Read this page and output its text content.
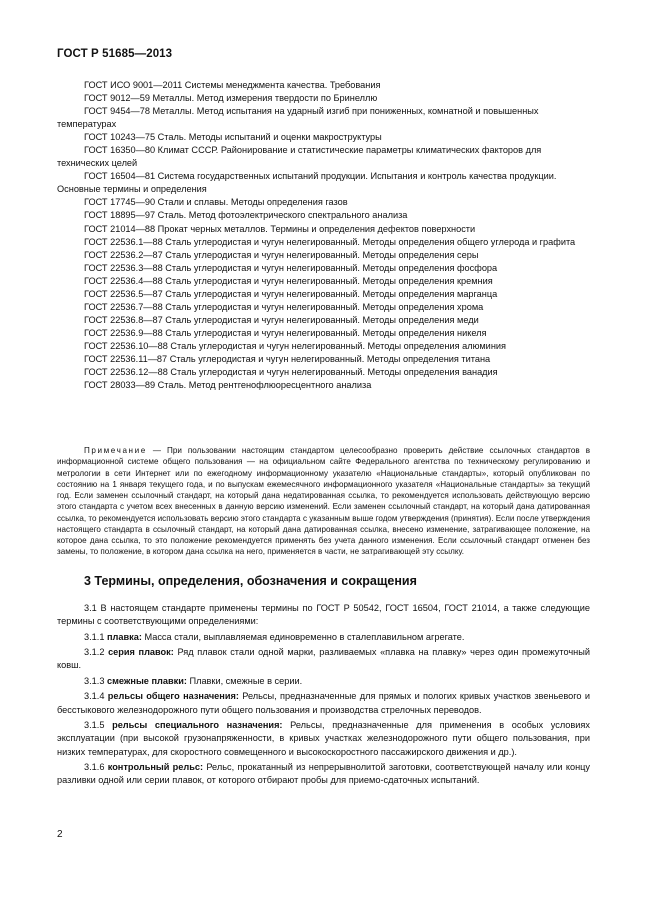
ГОСТ Р 51685—2013

ГОСТ ИСО 9001—2011 Системы менеджмента качества. Требования

ГОСТ 9012—59 Металлы. Метод измерения твердости по Бринеллю

ГОСТ 9454—78 Металлы. Метод испытания на ударный изгиб при пониженных, комнатной и повышенных температурах

ГОСТ 10243—75 Сталь. Методы испытаний и оценки макроструктуры

ГОСТ 16350—80 Климат СССР. Районирование и статистические параметры климатических факторов для технических целей

ГОСТ 16504—81 Система государственных испытаний продукции. Испытания и контроль качества продукции. Основные термины и определения

ГОСТ 17745—90 Стали и сплавы. Методы определения газов

ГОСТ 18895—97 Сталь. Метод фотоэлектрического спектрального анализа

ГОСТ 21014—88 Прокат черных металлов. Термины и определения дефектов поверхности

ГОСТ 22536.1—88 Сталь углеродистая и чугун нелегированный. Методы определения общего углерода и графита

ГОСТ 22536.2—87 Сталь углеродистая и чугун нелегированный. Методы определения серы

ГОСТ 22536.3—88 Сталь углеродистая и чугун нелегированный. Методы определения фосфора

ГОСТ 22536.4—88 Сталь углеродистая и чугун нелегированный. Методы определения кремния

ГОСТ 22536.5—87 Сталь углеродистая и чугун нелегированный. Методы определения марганца

ГОСТ 22536.7—88 Сталь углеродистая и чугун нелегированный. Методы определения хрома

ГОСТ 22536.8—87 Сталь углеродистая и чугун нелегированный. Методы определения меди

ГОСТ 22536.9—88 Сталь углеродистая и чугун нелегированный. Методы определения никеля

ГОСТ 22536.10—88 Сталь углеродистая и чугун нелегированный. Методы определения алюминия

ГОСТ 22536.11—87 Сталь углеродистая и чугун нелегированный. Методы определения титана

ГОСТ 22536.12—88 Сталь углеродистая и чугун нелегированный. Методы определения ванадия

ГОСТ 28033—89 Сталь. Метод рентгенофлюоресцентного анализа

Примечание — При пользовании настоящим стандартом целесообразно проверить действие ссылочных стандартов в информационной системе общего пользования — на официальном сайте Федерального агентства по техническому регулированию и метрологии в сети Интернет или по ежегодному информационному указателю «Национальные стандарты», который опубликован по состоянию на 1 января текущего года, и по выпускам ежемесячного информационного указателя «Национальные стандарты» за текущий год. Если заменен ссылочный стандарт, на который дана недатированная ссылка, то рекомендуется использовать действующую версию этого стандарта с учетом всех внесенных в данную версию изменений. Если заменен ссылочный стандарт, на который дана датированная ссылка, то рекомендуется использовать версию этого стандарта с указанным выше годом утверждения (принятия). Если после утверждения настоящего стандарта в ссылочный стандарт, на который дана датированная ссылка, внесено изменение, затрагивающее положение, на которое дана ссылка, то это положение рекомендуется применять без учета данного изменения. Если ссылочный стандарт отменен без замены, то положение, в котором дана ссылка на него, применяется в части, не затрагивающей эту ссылку.

3 Термины, определения, обозначения и сокращения

3.1 В настоящем стандарте применены термины по ГОСТ Р 50542, ГОСТ 16504, ГОСТ 21014, а также следующие термины с соответствующими определениями:

3.1.1 плавка: Масса стали, выплавляемая единовременно в сталеплавильном агрегате.

3.1.2 серия плавок: Ряд плавок стали одной марки, разливаемых «плавка на плавку» через один промежуточный ковш.

3.1.3 смежные плавки: Плавки, смежные в серии.

3.1.4 рельсы общего назначения: Рельсы, предназначенные для прямых и пологих кривых участков звеньевого и бесстыкового железнодорожного пути общего пользования и производства стрелочных переводов.

3.1.5 рельсы специального назначения: Рельсы, предназначенные для применения в особых условиях эксплуатации (при высокой грузонапряженности, в кривых участках железнодорожного пути общего пользования, при низких температурах, для скоростного совмещенного и высокоскоростного пассажирского движения и др.).

3.1.6 контрольный рельс: Рельс, прокатанный из непрерывнолитой заготовки, соответствующей началу или концу разливки одной или серии плавок, от которого отбирают пробы для приемо-сдаточных испытаний.

2
